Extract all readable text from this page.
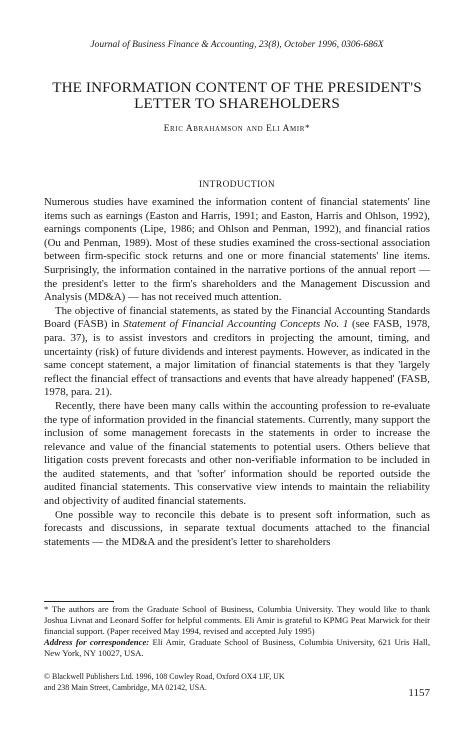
Journal of Business Finance & Accounting, 23(8), October 1996, 0306-686X
THE INFORMATION CONTENT OF THE PRESIDENT'S
LETTER TO SHAREHOLDERS
Eric Abrahamson and Eli Amir*
INTRODUCTION

Numerous studies have examined the information content of financial statements' line items such as earnings (Easton and Harris, 1991; and Easton, Harris and Ohlson, 1992), earnings components (Lipe, 1986; and Ohlson and Penman, 1992), and financial ratios (Ou and Penman, 1989). Most of these studies examined the cross-sectional association between firm-specific stock returns and one or more financial statements' line items. Surprisingly, the information contained in the narrative portions of the annual report — the president's letter to the firm's shareholders and the Management Discussion and Analysis (MD&A) — has not received much attention.

The objective of financial statements, as stated by the Financial Accounting Standards Board (FASB) in Statement of Financial Accounting Concepts No. 1 (see FASB, 1978, para. 37), is to assist investors and creditors in projecting the amount, timing, and uncertainty (risk) of future dividends and interest payments. However, as indicated in the same concept statement, a major limitation of financial statements is that they 'largely reflect the financial effect of transactions and events that have already happened' (FASB, 1978, para. 21).

Recently, there have been many calls within the accounting profession to re-evaluate the type of information provided in the financial statements. Currently, many support the inclusion of some management forecasts in the statements in order to increase the relevance and value of the financial statements to potential users. Others believe that litigation costs prevent forecasts and other non-verifiable information to be included in the audited statements, and that 'softer' information should be reported outside the audited financial statements. This conservative view intends to maintain the reliability and objectivity of audited financial statements.

One possible way to reconcile this debate is to present soft information, such as forecasts and discussions, in separate textual documents attached to the financial statements — the MD&A and the president's letter to shareholders

* The authors are from the Graduate School of Business, Columbia University. They would like to thank Joshua Livnat and Leonard Soffer for helpful comments. Eli Amir is grateful to KPMG Peat Marwick for their financial support. (Paper received May 1994, revised and accepted July 1995)
Address for correspondence: Eli Amir, Graduate School of Business, Columbia University, 621 Uris Hall, New York, NY 10027, USA.
© Blackwell Publishers Ltd. 1996, 108 Cowley Road, Oxford OX4 1JF, UK
and 238 Main Street, Cambridge, MA 02142, USA.	1157
